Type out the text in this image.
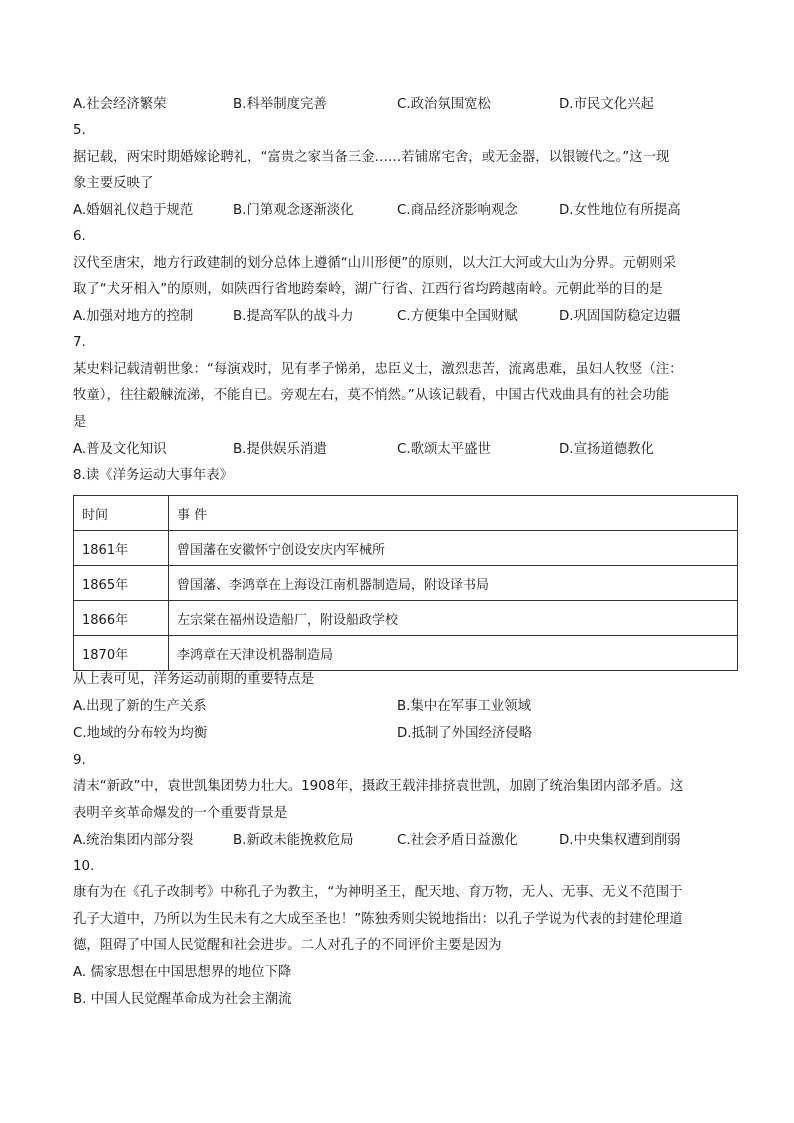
A.社会经济繁荣	B.科举制度完善	C.政治氛围宽松	D.市民文化兴起
5.
据记载，两宋时期婚嫁论聘礼，“富贵之家当备三金……若铺席宅舍，或无金器，以银镀代之。”这一现
象主要反映了
A.婚姻礼仪趋于规范	B.门第观念逐渐淡化	C.商品经济影响观念	D.女性地位有所提高
6.
汉代至唐宋，地方行政建制的划分总体上遵循“山川形便”的原则，以大江大河或大山为分界。元朝则采
取了“犬牙相入”的原则，如陕西行省地跨秦岭，湖广行省、江西行省均跨越南岭。元朝此举的目的是
A.加强对地方的控制	B.提高军队的战斗力	C.方便集中全国财赋	D.巩固国防稳定边疆
7.
某史料记载清朝世象：“每演戏时，见有孝子悌弟，忠臣义士，激烈悲苦，流离患难，虽妇人牧竖（注：
牧童），往往觳觫流涕，不能自已。旁观左右，莫不悄然。”从该记载看，中国古代戏曲具有的社会功能
是
A.普及文化知识	B.提供娱乐消遣	C.歌颂太平盛世	D.宣扬道德教化
8.读《洋务运动大事年表》
时间	事 件
1861年	曾国藩在安徽怀宁创设安庆内军械所
1865年	曾国藩、李鸿章在上海设江南机器制造局，附设译书局
1866年	左宗棠在福州设造船厂，附设船政学校
1870年	李鸿章在天津设机器制造局
从上表可见，洋务运动前期的重要特点是
A.出现了新的生产关系	B.集中在军事工业领域
C.地域的分布较为均衡	D.抵制了外国经济侵略
9.
清末“新政”中，袁世凯集团势力壮大。1908年，摄政王载沣排挤袁世凯，加剧了统治集团内部矛盾。这
表明辛亥革命爆发的一个重要背景是
A.统治集团内部分裂	B.新政未能挽救危局	C.社会矛盾日益激化	D.中央集权遭到削弱
10.
康有为在《孔子改制考》中称孔子为教主，“为神明圣王，配天地、育万物，无人、无事、无义不范围于
孔子大道中，乃所以为生民未有之大成至圣也！”陈独秀则尖锐地指出：以孔子学说为代表的封建伦理道
德，阻碍了中国人民觉醒和社会进步。二人对孔子的不同评价主要是因为
A. 儒家思想在中国思想界的地位下降
B. 中国人民觉醒革命成为社会主潮流
